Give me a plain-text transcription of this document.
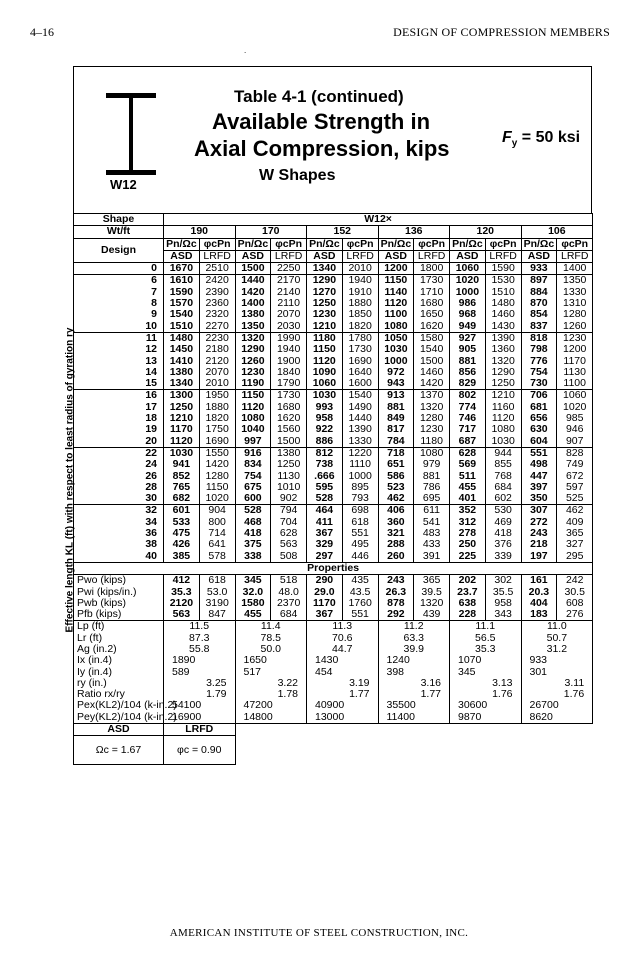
4–16	DESIGN OF COMPRESSION MEMBERS
.
W12
Table 4-1 (continued)
Available Strength in
Axial Compression, kips
W Shapes
$F_y = 50$ ksi
Shape	W12×											
Wt/ft	190		170		152		136		120		106	
Design	Pn/Ωc	φcPn	Pn/Ωc	φcPn	Pn/Ωc	φcPn	Pn/Ωc	φcPn	Pn/Ωc	φcPn	Pn/Ωc	φcPn
	ASD	LRFD	ASD	LRFD	ASD	LRFD	ASD	LRFD	ASD	LRFD	ASD	LRFD
0	1670	2510	1500	2250	1340	2010	1200	1800	1060	1590	933	1400
6	1610	2420	1440	2170	1290	1940	1150	1730	1020	1530	897	1350
7	1590	2390	1420	2140	1270	1910	1140	1710	1000	1510	884	1330
8	1570	2360	1400	2110	1250	1880	1120	1680	986	1480	870	1310
9	1540	2320	1380	2070	1230	1850	1100	1650	968	1460	854	1280
10	1510	2270	1350	2030	1210	1820	1080	1620	949	1430	837	1260
11	1480	2230	1320	1990	1180	1780	1050	1580	927	1390	818	1230
12	1450	2180	1290	1940	1150	1730	1030	1540	905	1360	798	1200
13	1410	2120	1260	1900	1120	1690	1000	1500	881	1320	776	1170
14	1380	2070	1230	1840	1090	1640	972	1460	856	1290	754	1130
15	1340	2010	1190	1790	1060	1600	943	1420	829	1250	730	1100
16	1300	1950	1150	1730	1030	1540	913	1370	802	1210	706	1060
17	1250	1880	1120	1680	993	1490	881	1320	774	1160	681	1020
18	1210	1820	1080	1620	958	1440	849	1280	746	1120	656	985
19	1170	1750	1040	1560	922	1390	817	1230	717	1080	630	946
20	1120	1690	997	1500	886	1330	784	1180	687	1030	604	907
22	1030	1550	916	1380	812	1220	718	1080	628	944	551	828
24	941	1420	834	1250	738	1110	651	979	569	855	498	749
26	852	1280	754	1130	.666	1000	586	881	511	768	447	672
28	765	1150	675	1010	595	895	523	786	455	684	397	597
30	682	1020	600	902	528	793	462	695	401	602	350	525
32	601	904	528	794	464	698	406	611	352	530	307	462
34	533	800	468	704	411	618	360	541	312	469	272	409
36	475	714	418	628	367	551	321	483	278	418	243	365
38	426	641	375	563	329	495	288	433	250	376	218	327
40	385	578	338	508	297	446	260	391	225	339	197	295
Properties												
Pwo (kips)	412	618	345	518	290	435	243	365	202	302	161	242
Pwi (kips/in.)	35.3	53.0	32.0	48.0	29.0	43.5	26.3	39.5	23.7	35.5	20.3	30.5
Pwb (kips)	2120	3190	1580	2370	1170	1760	878	1320	638	958	404	608
Pfb (kips)	563	847	455	684	367	551	292	439	228	343	183	276
Lp (ft)	11.5		11.4		11.3		11.2		11.1		11.0	
Lr (ft)	87.3		78.5		70.6		63.3		56.5		50.7	
Ag (in.2)	55.8		50.0		44.7		39.9		35.3		31.2	
Ix (in.4)	1890		1650		1430		1240		1070		933	
Iy (in.4)	589		517		454		398		345		301	
ry (in.)	3.25		3.22		3.19		3.16		3.13		3.11	
Ratio rx/ry	1.79		1.78		1.77		1.77		1.76		1.76	
Pex(KL2)/104 (k-in.2)	54100		47200		40900		35500		30600		26700	
Pey(KL2)/104 (k-in.2)	16900		14800		13000		11400		9870		8620	
ASD	LRFD											
Ωc = 1.67	φc = 0.90											
Effective length KL (ft) with respect to least radius of gyration ry
AMERICAN INSTITUTE OF STEEL CONSTRUCTION, INC.
